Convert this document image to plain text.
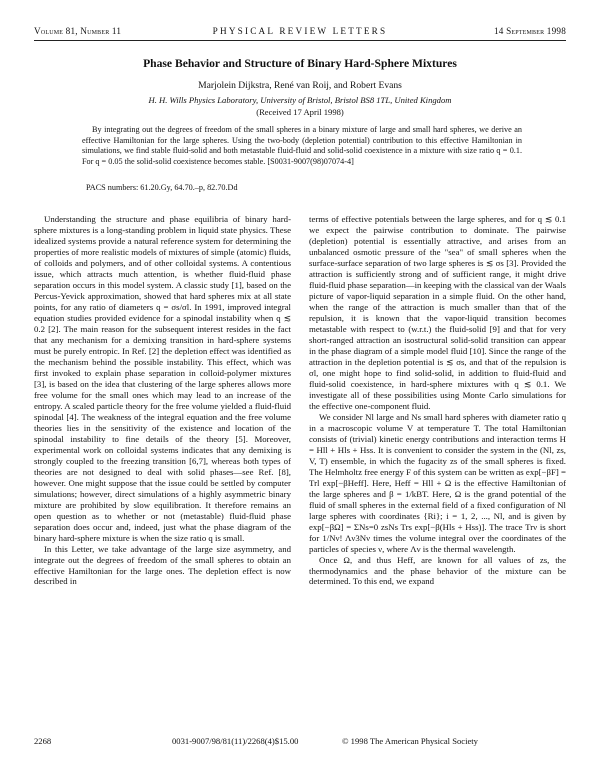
Volume 81, Number 11	PHYSICAL REVIEW LETTERS	14 September 1998
Phase Behavior and Structure of Binary Hard-Sphere Mixtures
Marjolein Dijkstra, René van Roij, and Robert Evans
H. H. Wills Physics Laboratory, University of Bristol, Bristol BS8 1TL, United Kingdom
(Received 17 April 1998)
By integrating out the degrees of freedom of the small spheres in a binary mixture of large and small hard spheres, we derive an effective Hamiltonian for the large spheres. Using the two-body (depletion potential) contribution to this effective Hamiltonian in simulations, we find stable fluid-solid and both metastable fluid-fluid and solid-solid coexistence in a mixture with size ratio q = 0.1. For q = 0.05 the solid-solid coexistence becomes stable. [S0031-9007(98)07074-4]
PACS numbers: 61.20.Gy, 64.70.–p, 82.70.Dd

Understanding the structure and phase equilibria of binary hard-sphere mixtures is a long-standing problem in liquid state physics. These idealized systems provide a natural reference system for determining the properties of more realistic models of mixtures of simple (atomic) fluids, of colloids and polymers, and of other colloidal systems. A contentious issue, which attracts much attention, is whether fluid-fluid phase separation occurs in this model system. A classic study [1], based on the Percus-Yevick approximation, showed that hard spheres mix at all state points, for any ratio of diameters q = σs/σl. In 1991, improved integral equation studies provided evidence for a spinodal instability when q ≲ 0.2 [2]. The main reason for the subsequent interest resides in the fact that any mechanism for a demixing transition in hard-sphere systems must be purely entropic. In Ref. [2] the depletion effect was identified as the mechanism behind the possible instability. This effect, which was first invoked to explain phase separation in colloid-polymer mixtures [3], is based on the idea that clustering of the large spheres allows more free volume for the small ones which may lead to an increase of the entropy. A scaled particle theory for the free volume yielded a fluid-fluid spinodal [4]. The weakness of the integral equation and the free volume theories lies in the sensitivity of the existence and location of the spinodal instability to fine details of the theory [5]. Moreover, experimental work on colloidal systems indicates that any demixing is strongly coupled to the freezing transition [6,7], whereas both types of theories are not designed to deal with solid phases—see Ref. [8], however. One might suppose that the issue could be settled by computer simulations; however, direct simulations of a highly asymmetric binary mixture are prohibited by slow equilibration. It therefore remains an open question as to whether or not (metastable) fluid-fluid phase separation does occur and, indeed, just what the phase diagram of the binary hard-sphere mixture is when the size ratio q is small.

In this Letter, we take advantage of the large size asymmetry, and integrate out the degrees of freedom of the small spheres to obtain an effective Hamiltonian for the large ones. The depletion effect is now described in

terms of effective potentials between the large spheres, and for q ≲ 0.1 we expect the pairwise contribution to dominate. The pairwise (depletion) potential is essentially attractive, and arises from an unbalanced osmotic pressure of the "sea" of small spheres when the surface-surface separation of two large spheres is ≲ σs [3]. Provided the attraction is sufficiently strong and of sufficient range, it might drive fluid-fluid phase separation—in keeping with the classical van der Waals picture of vapor-liquid separation in a simple fluid. On the other hand, when the range of the attraction is much smaller than that of the repulsion, it is known that the vapor-liquid transition becomes metastable with respect to (w.r.t.) the fluid-solid [9] and that for very short-ranged attraction an isostructural solid-solid transition can appear in the phase diagram of a simple model fluid [10]. Since the range of the attraction in the depletion potential is ≲ σs, and that of the repulsion is σl, one might hope to find solid-solid, in addition to fluid-fluid and fluid-solid coexistence, in hard-sphere mixtures with q ≲ 0.1. We investigate all of these possibilities using Monte Carlo simulations for the effective one-component fluid.

We consider Nl large and Ns small hard spheres with diameter ratio q in a macroscopic volume V at temperature T. The total Hamiltonian consists of (trivial) kinetic energy contributions and interaction terms H = Hll + Hls + Hss. It is convenient to consider the system in the (Nl, zs, V, T) ensemble, in which the fugacity zs of the small spheres is fixed. The Helmholtz free energy F of this system can be written as exp[−βF] = Trl exp[−βHeff]. Here, Heff = Hll + Ω is the effective Hamiltonian of the large spheres and β = 1/kBT. Here, Ω is the grand potential of the fluid of small spheres in the external field of a fixed configuration of Nl large spheres with coordinates {Ri}; i = 1, 2, ..., Nl, and is given by exp[−βΩ] = ΣNs=0 zsNs Trs exp[−β(Hls + Hss)]. The trace Trν is short for 1/Nν! Λν3Nν times the volume integral over the coordinates of the particles of species ν, where Λν is the thermal wavelength.

Once Ω, and thus Heff, are known for all values of zs, the thermodynamics and the phase behavior of the mixture can be determined. To this end, we expand

2268	0031-9007/98/81(11)/2268(4)$15.00	© 1998 The American Physical Society
